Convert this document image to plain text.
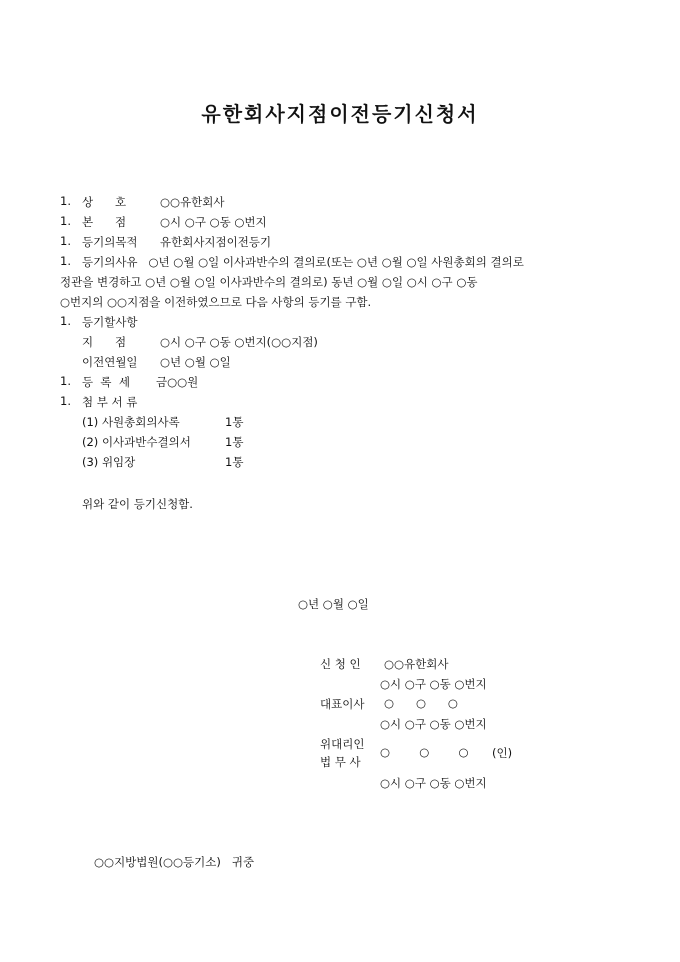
유한회사지점이전등기신청서
1. 상      호	○○유한회사
1. 본      점	○시 ○구 ○동 ○번지
1. 등기의목적 유한회사지점이전등기
1. 등기의사유   ○년 ○월 ○일 이사과반수의 결의로(또는 ○년 ○월 ○일 사원총회의 결의로
정관을 변경하고 ○년 ○월 ○일 이사과반수의 결의로) 동년 ○월 ○일 ○시 ○구 ○동
○번지의 ○○지점을 이전하였으므로 다음 사항의 등기를 구함.
1. 등기할사항
지      점	○시 ○구 ○동 ○번지(○○지점)
이전연월일 ○년 ○월 ○일
1. 등  록  세 금○○원
1. 첨 부 서 류
(1) 사원총회의사록	1통
(2) 이사과반수결의서	1통
(3) 위임장	1통
위와 같이 등기신청함.
○년 ○월 ○일
신 청 인 ○○유한회사
○시 ○구 ○동 ○번지
대표이사 ○      ○      ○
○시 ○구 ○동 ○번지
위대리인
법 무 사
○        ○        ○ (인)
○시 ○구 ○동 ○번지
○○지방법원(○○등기소)   귀중
